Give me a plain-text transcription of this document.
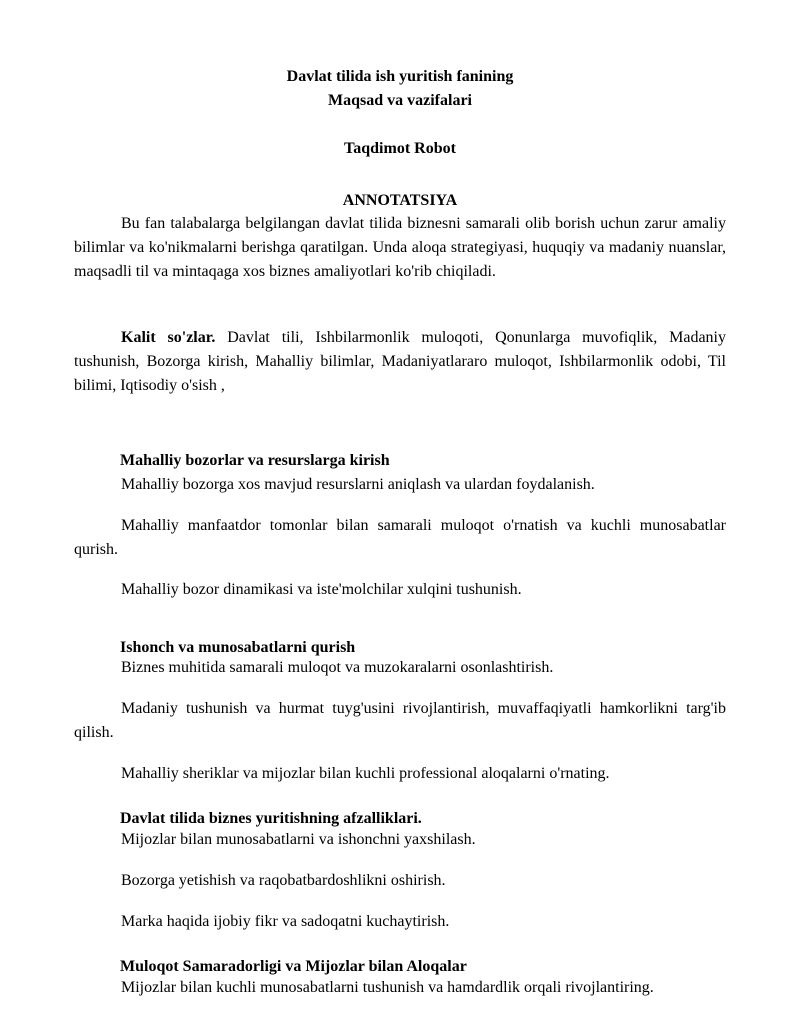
Davlat tilida ish yuritish fanining
Maqsad va vazifalari
Taqdimot Robot
ANNOTATSIYA

Bu fan talabalarga belgilangan davlat tilida biznesni samarali olib borish uchun zarur amaliy bilimlar va ko'nikmalarni berishga qaratilgan. Unda aloqa strategiyasi, huquqiy va madaniy nuanslar, maqsadli til va mintaqaga xos biznes amaliyotlari ko'rib chiqiladi.

Kalit so'zlar. Davlat tili, Ishbilarmonlik muloqoti, Qonunlarga muvofiqlik, Madaniy tushunish, Bozorga kirish, Mahalliy bilimlar, Madaniyatlararo muloqot, Ishbilarmonlik odobi, Til bilimi, Iqtisodiy o'sish ,

Mahalliy bozorlar va resurslarga kirish
Mahalliy bozorga xos mavjud resurslarni aniqlash va ulardan foydalanish.

Mahalliy manfaatdor tomonlar bilan samarali muloqot o'rnatish va kuchli munosabatlar qurish.

Mahalliy bozor dinamikasi va iste'molchilar xulqini tushunish.
Ishonch va munosabatlarni qurish
Biznes muhitida samarali muloqot va muzokaralarni osonlashtirish.

Madaniy tushunish va hurmat tuyg'usini rivojlantirish, muvaffaqiyatli hamkorlikni targ'ib qilish.

Mahalliy sheriklar va mijozlar bilan kuchli professional aloqalarni o'rnating.
Davlat tilida biznes yuritishning afzalliklari.
Mijozlar bilan munosabatlarni va ishonchni yaxshilash.
Bozorga yetishish va raqobatbardoshlikni oshirish.
Marka haqida ijobiy fikr va sadoqatni kuchaytirish.
Muloqot Samaradorligi va Mijozlar bilan Aloqalar

Mijozlar bilan kuchli munosabatlarni tushunish va hamdardlik orqali rivojlantiring.
